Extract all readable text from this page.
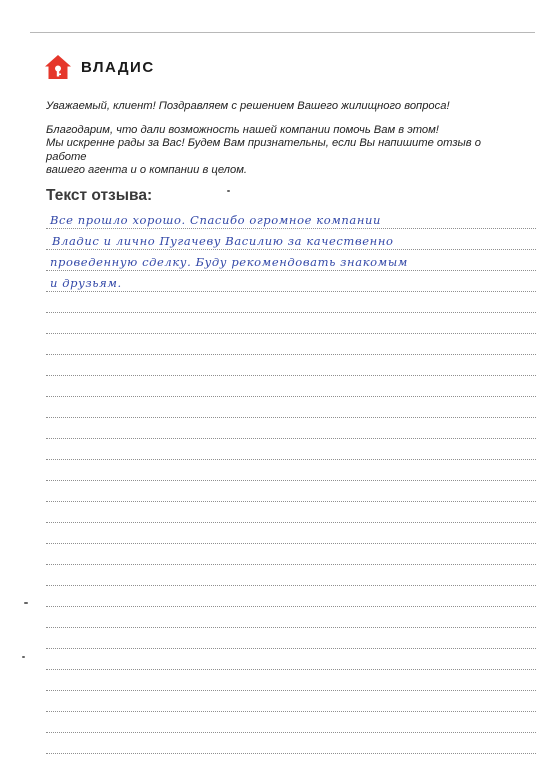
ВЛАДИС

Уважаемый, клиент! Поздравляем с решением Вашего жилищного вопроса!

Благодарим, что дали возможность нашей компании помочь Вам в этом!

Мы искренне рады за Вас! Будем Вам признательны, если Вы напишите отзыв о работе

вашего агента и о компании в целом.

Текст отзыва:
Все прошло хорошо. Спасибо огромное компании
Владис и лично Пугачеву Василию за качественно
проведенную сделку. Буду рекомендовать знакомым
и друзьям.
